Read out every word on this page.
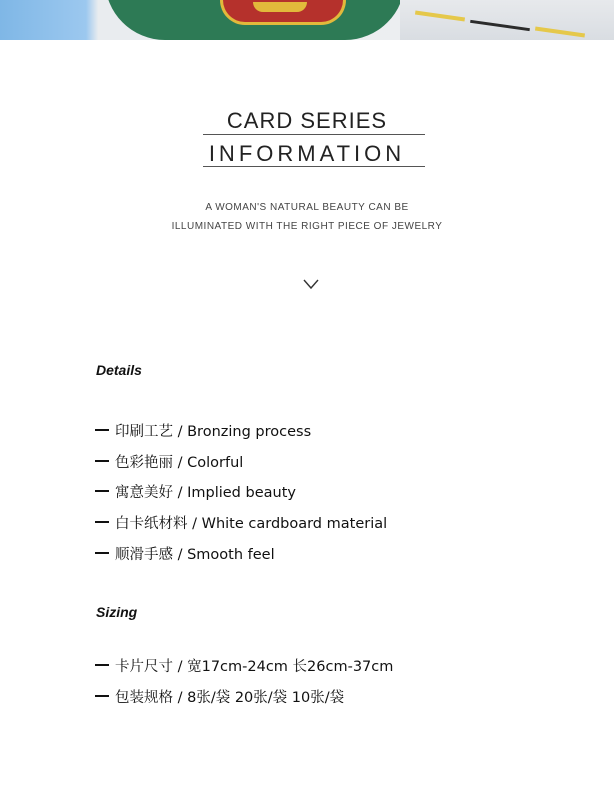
CARD SERIES
INFORMATION
A WOMAN'S NATURAL BEAUTY CAN BE
ILLUMINATED WITH THE RIGHT PIECE OF JEWELRY
Details
印刷工艺 / Bronzing process
色彩艳丽 / Colorful
寓意美好 / Implied beauty
白卡纸材料 / White cardboard material
顺滑手感 / Smooth feel
Sizing
卡片尺寸 / 宽17cm-24cm 长26cm-37cm
包装规格 / 8张/袋 20张/袋 10张/袋
